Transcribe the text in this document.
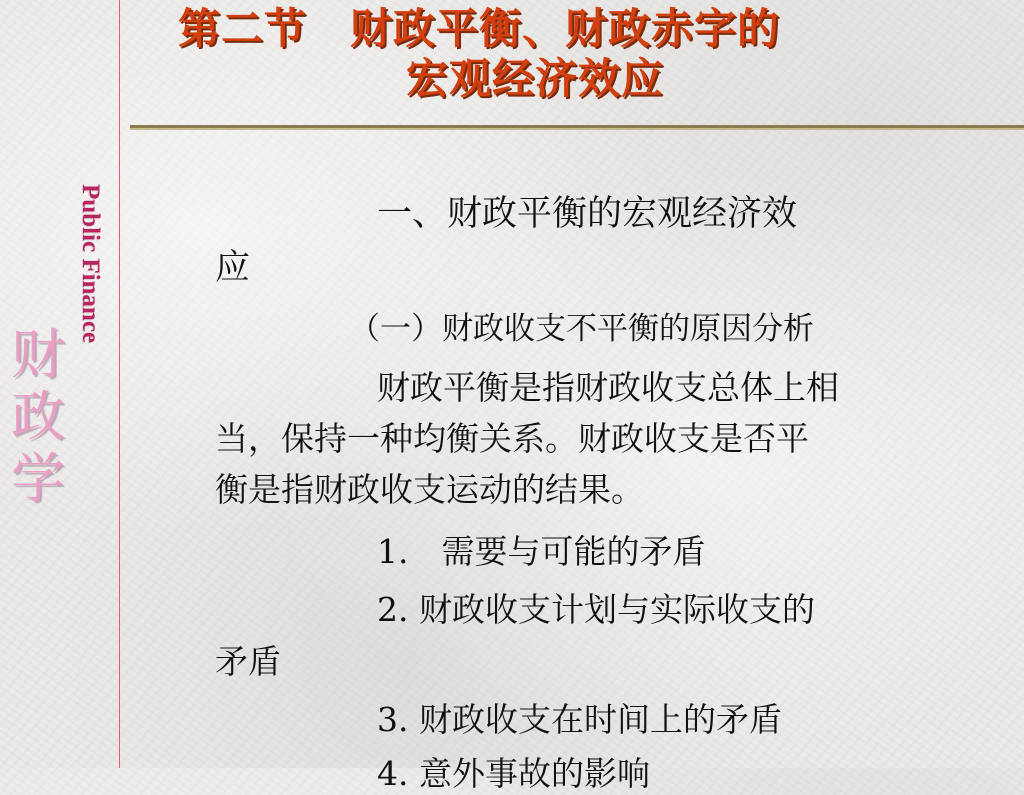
Public Finance
财
政
学
第二节　财政平衡、财政赤字的
宏观经济效应
一、财政平衡的宏观经济效
应
（一）财政收支不平衡的原因分析
财政平衡是指财政收支总体上相
当，保持一种均衡关系。财政收支是否平
衡是指财政收支运动的结果。
1.　需要与可能的矛盾
2. 财政收支计划与实际收支的
矛盾
3. 财政收支在时间上的矛盾
4. 意外事故的影响
